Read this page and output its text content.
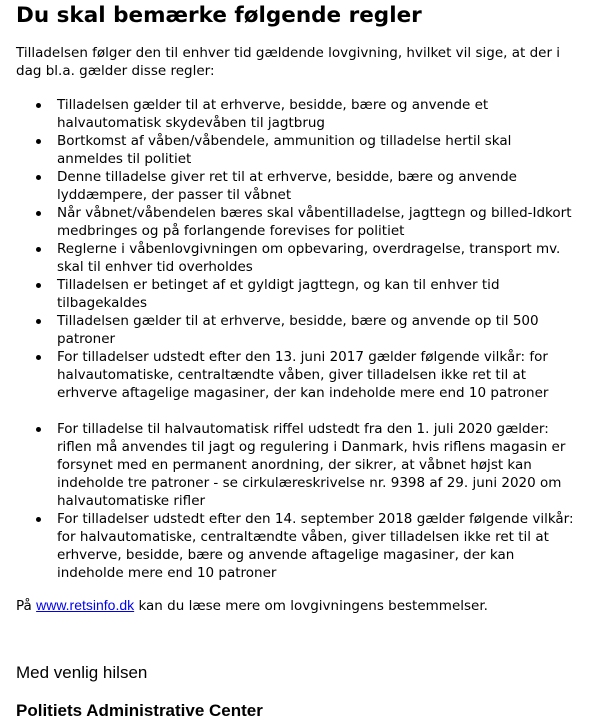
Du skal bemærke følgende regler

Tilladelsen følger den til enhver tid gældende lovgivning, hvilket vil sige, at der i dag bl.a. gælder disse regler:

Tilladelsen gælder til at erhverve, besidde, bære og anvende et halvautomatisk skydevåben til jagtbrug
Bortkomst af våben/våbendele, ammunition og tilladelse hertil skal anmeldes til politiet
Denne tilladelse giver ret til at erhverve, besidde, bære og anvende lyddæmpere, der passer til våbnet
Når våbnet/våbendelen bæres skal våbentilladelse, jagttegn og billed-Idkort medbringes og på forlangende forevises for politiet
Reglerne i våbenlovgivningen om opbevaring, overdragelse, transport mv. skal til enhver tid overholdes
Tilladelsen er betinget af et gyldigt jagttegn, og kan til enhver tid tilbagekaldes
Tilladelsen gælder til at erhverve, besidde, bære og anvende op til 500 patroner
For tilladelser udstedt efter den 13. juni 2017 gælder følgende vilkår: for halvautomatiske, centraltændte våben, giver tilladelsen ikke ret til at erhverve aftagelige magasiner, der kan indeholde mere end 10 patroner
For tilladelse til halvautomatisk riffel udstedt fra den 1. juli 2020 gælder: riflen må anvendes til jagt og regulering i Danmark, hvis riflens magasin er forsynet med en permanent anordning, der sikrer, at våbnet højst kan indeholde tre patroner - se cirkulæreskrivelse nr. 9398 af 29. juni 2020 om halvautomatiske rifler
For tilladelser udstedt efter den 14. september 2018 gælder følgende vilkår: for halvautomatiske, centraltændte våben, giver tilladelsen ikke ret til at erhverve, besidde, bære og anvende aftagelige magasiner, der kan indeholde mere end 10 patroner

På www.retsinfo.dk kan du læse mere om lovgivningens bestemmelser.

Med venlig hilsen

Politiets Administrative Center
